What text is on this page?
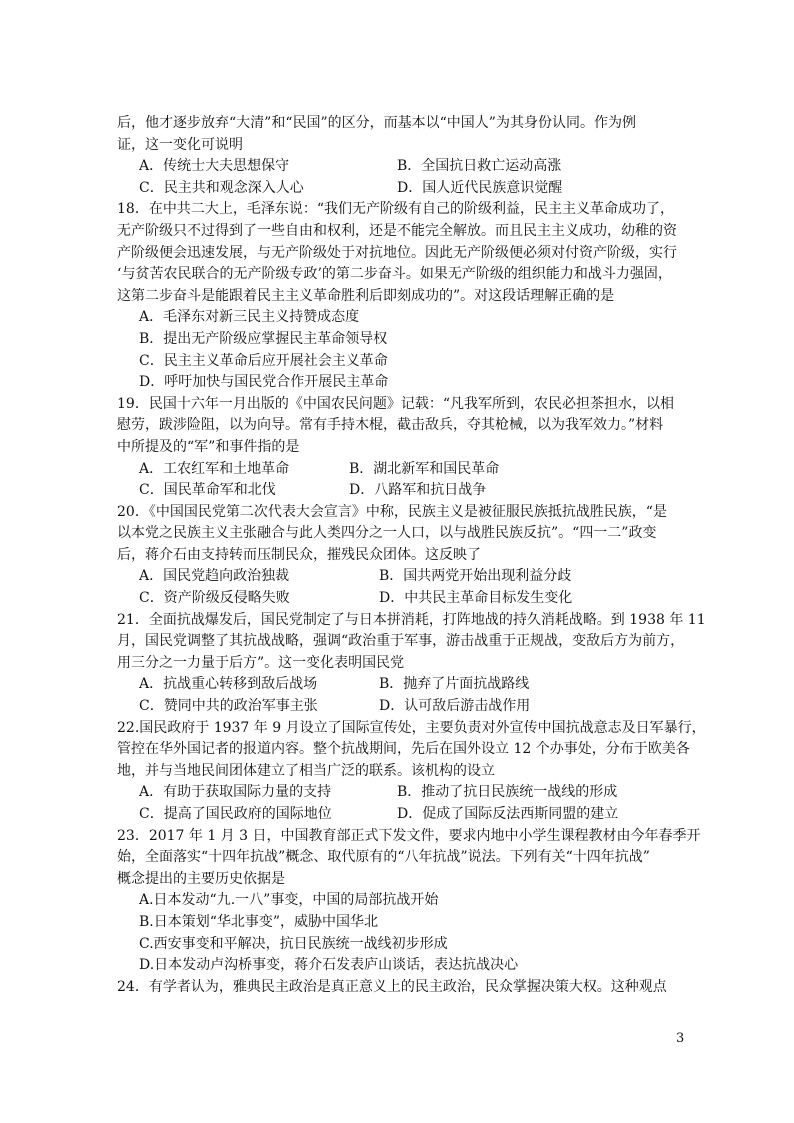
后，他才逐步放弃“大清”和“民国”的区分，而基本以“中国人”为其身份认同。作为例
证，这一变化可说明
A．传统士大夫思想保守	B．全国抗日救亡运动高涨
C．民主共和观念深入人心	D．国人近代民族意识觉醒
18．在中共二大上，毛泽东说：“我们无产阶级有自己的阶级利益，民主主义革命成功了，
无产阶级只不过得到了一些自由和权利，还是不能完全解放。而且民主主义成功，幼稚的资
产阶级便会迅速发展，与无产阶级处于对抗地位。因此无产阶级便必须对付资产阶级，实行
‘与贫苦农民联合的无产阶级专政’的第二步奋斗。如果无产阶级的组织能力和战斗力强固，
这第二步奋斗是能跟着民主主义革命胜利后即刻成功的”。对这段话理解正确的是
A．毛泽东对新三民主义持赞成态度
B．提出无产阶级应掌握民主革命领导权
C．民主主义革命后应开展社会主义革命
D．呼吁加快与国民党合作开展民主革命
19．民国十六年一月出版的《中国农民问题》记载：“凡我军所到，农民必担茶担水，以相
慰劳，跋涉险阻，以为向导。常有手持木棍，截击敌兵，夺其枪械，以为我军效力。”材料
中所提及的“军”和事件指的是
A．工农红军和土地革命	B．湖北新军和国民革命
C．国民革命军和北伐	D．八路军和抗日战争
20．《中国国民党第二次代表大会宣言》中称，民族主义是被征服民族抵抗战胜民族，“是
以本党之民族主义主张融合与此人类四分之一人口，以与战胜民族反抗”。“四一二”政变
后，蒋介石由支持转而压制民众，摧残民众团体。这反映了
A．国民党趋向政治独裁	B．国共两党开始出现利益分歧
C．资产阶级反侵略失败	D．中共民主革命目标发生变化
21．全面抗战爆发后，国民党制定了与日本拼消耗，打阵地战的持久消耗战略。到 1938 年 11
月，国民党调整了其抗战战略，强调“政治重于军事，游击战重于正规战，变敌后方为前方，
用三分之一力量于后方”。这一变化表明国民党
A．抗战重心转移到敌后战场	B．抛弃了片面抗战路线
C．赞同中共的政治军事主张	D．认可敌后游击战作用
22.国民政府于 1937 年 9 月设立了国际宣传处，主要负责对外宣传中国抗战意志及日军暴行，
管控在华外国记者的报道内容。整个抗战期间，先后在国外设立 12 个办事处，分布于欧美各
地，并与当地民间团体建立了相当广泛的联系。该机构的设立
A．有助于获取国际力量的支持	B．推动了抗日民族统一战线的形成
C．提高了国民政府的国际地位	D．促成了国际反法西斯同盟的建立
23．2017 年 1 月 3 日，中国教育部正式下发文件，要求内地中小学生课程教材由今年春季开
始，全面落实“十四年抗战”概念、取代原有的“八年抗战”说法。下列有关“十四年抗战”
概念提出的主要历史依据是
A.日本发动“九.一八”事变，中国的局部抗战开始
B.日本策划“华北事变”，威胁中国华北
C.西安事变和平解决，抗日民族统一战线初步形成
D.日本发动卢沟桥事变，蒋介石发表庐山谈话，表达抗战决心
24．有学者认为，雅典民主政治是真正意义上的民主政治，民众掌握决策大权。这种观点
3
